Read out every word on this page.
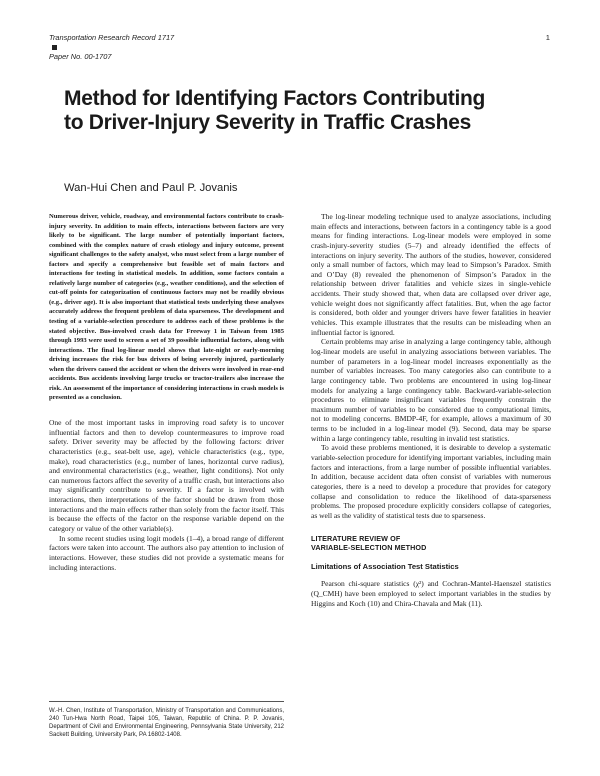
Transportation Research Record 1717	1
Paper No. 00-1707
Method for Identifying Factors Contributing to Driver-Injury Severity in Traffic Crashes
Wan-Hui Chen and Paul P. Jovanis

Numerous driver, vehicle, roadway, and environmental factors contribute to crash-injury severity. In addition to main effects, interactions between factors are very likely to be significant. The large number of potentially important factors, combined with the complex nature of crash etiology and injury outcome, present significant challenges to the safety analyst, who must select from a large number of factors and specify a comprehensive but feasible set of main factors and interactions for testing in statistical models. In addition, some factors contain a relatively large number of categories (e.g., weather conditions), and the selection of cut-off points for categorization of continuous factors may not be readily obvious (e.g., driver age). It is also important that statistical tests underlying these analyses accurately address the frequent problem of data sparseness. The development and testing of a variable-selection procedure to address each of these problems is the stated objective. Bus-involved crash data for Freeway 1 in Taiwan from 1985 through 1993 were used to screen a set of 39 possible influential factors, along with interactions. The final log-linear model shows that late-night or early-morning driving increases the risk for bus drivers of being severely injured, particularly when the drivers caused the accident or when the drivers were involved in rear-end accidents. Bus accidents involving large trucks or tractor-trailers also increase the risk. An assessment of the importance of considering interactions in crash models is presented as a conclusion.

One of the most important tasks in improving road safety is to uncover influential factors and then to develop countermeasures to improve road safety. Driver severity may be affected by the following factors: driver characteristics (e.g., seat-belt use, age), vehicle characteristics (e.g., type, make), road characteristics (e.g., number of lanes, horizontal curve radius), and environmental characteristics (e.g., weather, light conditions). Not only can numerous factors affect the severity of a traffic crash, but interactions also may significantly contribute to severity. If a factor is involved with interactions, then interpretations of the factor should be drawn from those interactions and the main effects rather than solely from the factor itself. This is because the effects of the factor on the response variable depend on the category or value of the other variable(s).

In some recent studies using logit models (1–4), a broad range of different factors were taken into account. The authors also pay attention to inclusion of interactions. However, these studies did not provide a systematic means for including interactions.

W.-H. Chen, Institute of Transportation, Ministry of Transportation and Communications, 240 Tun-Hwa North Road, Taipei 105, Taiwan, Republic of China. P. P. Jovanis, Department of Civil and Environmental Engineering, Pennsylvania State University, 212 Sackett Building, University Park, PA 16802-1408.

The log-linear modeling technique used to analyze associations, including main effects and interactions, between factors in a contingency table is a good means for finding interactions. Log-linear models were employed in some crash-injury-severity studies (5–7) and already identified the effects of interactions on injury severity. The authors of the studies, however, considered only a small number of factors, which may lead to Simpson’s Paradox. Smith and O’Day (8) revealed the phenomenon of Simpson’s Paradox in the relationship between driver fatalities and vehicle sizes in single-vehicle accidents. Their study showed that, when data are collapsed over driver age, vehicle weight does not significantly affect fatalities. But, when the age factor is considered, both older and younger drivers have fewer fatalities in heavier vehicles. This example illustrates that the results can be misleading when an influential factor is ignored.

Certain problems may arise in analyzing a large contingency table, although log-linear models are useful in analyzing associations between variables. The number of parameters in a log-linear model increases exponentially as the number of variables increases. Too many categories also can contribute to a large contingency table. Two problems are encountered in using log-linear models for analyzing a large contingency table. Backward-variable-selection procedures to eliminate insignificant variables frequently constrain the maximum number of variables to be considered due to computational limits, not to modeling concerns. BMDP-4F, for example, allows a maximum of 30 terms to be included in a log-linear model (9). Second, data may be sparse within a large contingency table, resulting in invalid test statistics.

To avoid these problems mentioned, it is desirable to develop a systematic variable-selection procedure for identifying important variables, including main factors and interactions, from a large number of possible influential variables. In addition, because accident data often consist of variables with numerous categories, there is a need to develop a procedure that provides for category collapse and consolidation to reduce the likelihood of data-sparseness problems. The proposed procedure explicitly considers collapse of categories, as well as the validity of statistical tests due to sparseness.

LITERATURE REVIEW OF
VARIABLE-SELECTION METHOD
Limitations of Association Test Statistics

Pearson chi-square statistics (χ²) and Cochran-Mantel-Haenszel statistics (Q_CMH) have been employed to select important variables in the studies by Higgins and Koch (10) and Chira-Chavala and Mak (11).
